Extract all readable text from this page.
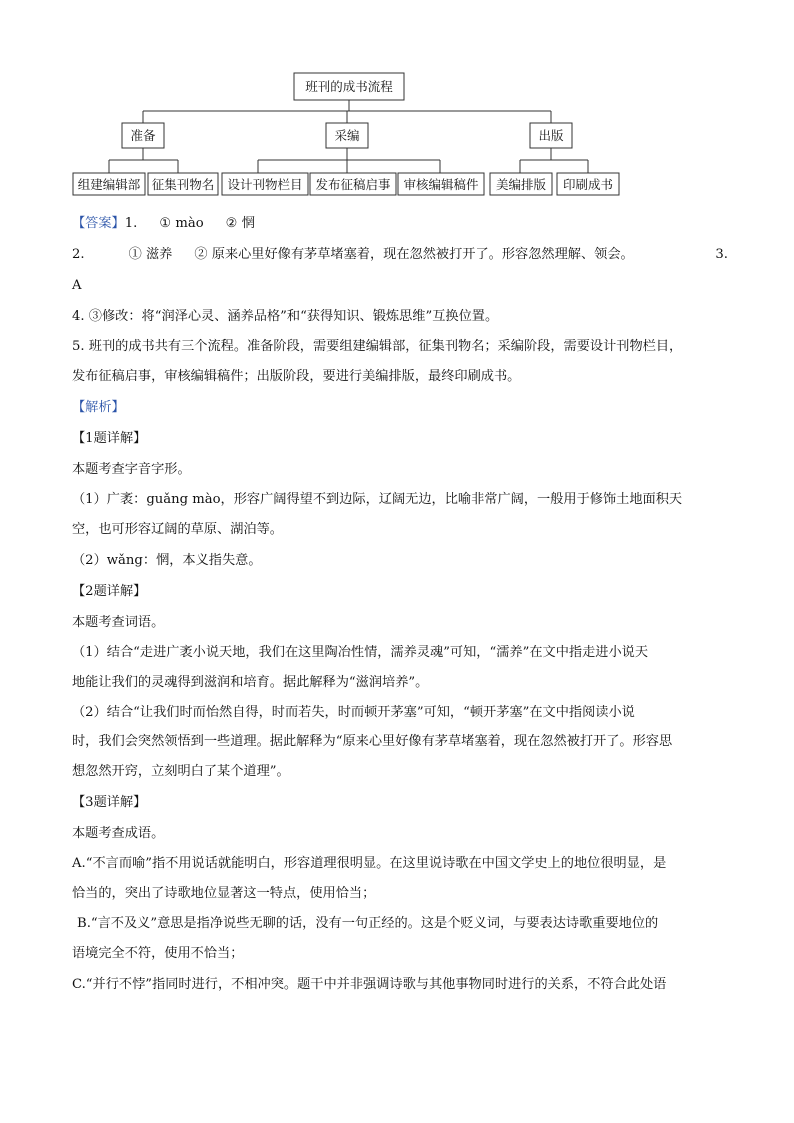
班刊的成书流程
准备	采编	出版
组建编辑部 征集刊物名 设计刊物栏目 发布征稿启事 审核编辑稿件 美编排版 印刷成书
【答案】1. ① mào ② 惘
2.	① 滋养 ② 原来心里好像有茅草堵塞着，现在忽然被打开了。形容忽然理解、领会。	3.
A
4. ③修改：将“润泽心灵、涵养品格”和“获得知识、锻炼思维”互换位置。
5. 班刊的成书共有三个流程。准备阶段，需要组建编辑部，征集刊物名；采编阶段，需要设计刊物栏目，
发布征稿启事，审核编辑稿件；出版阶段，要进行美编排版，最终印刷成书。
【解析】
【1题详解】
本题考查字音字形。
（1）广袤：guǎng mào，形容广阔得望不到边际，辽阔无边，比喻非常广阔，一般用于修饰土地面积天
空，也可形容辽阔的草原、湖泊等。
（2）wǎng：惘，本义指失意。
【2题详解】
本题考查词语。
（1）结合“走进广袤小说天地，我们在这里陶冶性情，濡养灵魂”可知，“濡养”在文中指走进小说天
地能让我们的灵魂得到滋润和培育。据此解释为“滋润培养”。
（2）结合“让我们时而怡然自得，时而若失，时而顿开茅塞”可知，“顿开茅塞”在文中指阅读小说
时，我们会突然领悟到一些道理。据此解释为“原来心里好像有茅草堵塞着，现在忽然被打开了。形容思
想忽然开窍，立刻明白了某个道理”。
【3题详解】
本题考查成语。
A.“不言而喻”指不用说话就能明白，形容道理很明显。在这里说诗歌在中国文学史上的地位很明显，是
恰当的，突出了诗歌地位显著这一特点，使用恰当；
B.“言不及义”意思是指净说些无聊的话，没有一句正经的。这是个贬义词，与要表达诗歌重要地位的
语境完全不符，使用不恰当；
C.“并行不悖”指同时进行，不相冲突。题干中并非强调诗歌与其他事物同时进行的关系，不符合此处语
